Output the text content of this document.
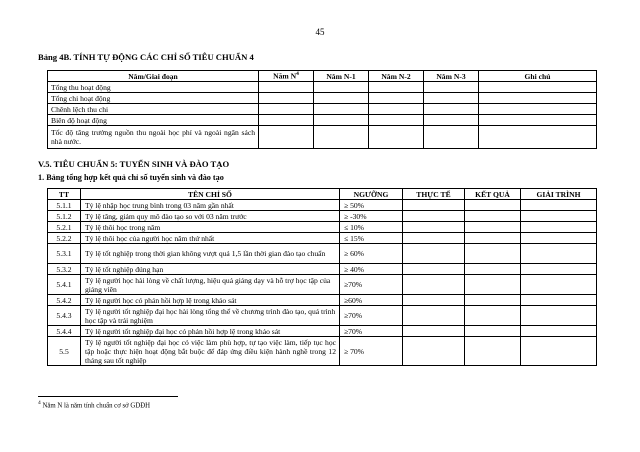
45
Bảng 4B. TÍNH TỰ ĐỘNG CÁC CHỈ SỐ TIÊU CHUẨN 4
Năm/Giai đoạn	Năm $N^4$	Năm N-1	Năm N-2	Năm N-3	Ghi chú
Tổng thu hoạt động					
Tổng chi hoạt động					
Chênh lệch thu chi					
Biên độ hoạt động					
Tốc độ tăng trưởng nguồn thu ngoài học phí và ngoài ngân sách nhà nước.					
V.5. TIÊU CHUẨN 5: TUYỂN SINH VÀ ĐÀO TẠO
1. Bảng tổng hợp kết quả chỉ số tuyển sinh và đào tạo
TT	TÊN CHỈ SỐ	NGƯỠNG	THỰC TẾ	KẾT QUẢ	GIẢI TRÌNH
5.1.1	Tỷ lệ nhập học trung bình trong 03 năm gần nhất	≥ 50%			
5.1.2	Tỷ lệ tăng, giảm quy mô đào tạo so với 03 năm trước	≥ -30%			
5.2.1	Tỷ lệ thôi học trong năm	≤ 10%			
5.2.2	Tỷ lệ thôi học của người học năm thứ nhất	≤ 15%			
5.3.1	Tỷ lệ tốt nghiệp trong thời gian không vượt quá 1,5 lần thời gian đào tạo chuẩn	≥ 60%			
5.3.2	Tỷ lệ tốt nghiệp đúng hạn	≥ 40%			
5.4.1	Tỷ lệ người học hài lòng về chất lượng, hiệu quả giảng dạy và hỗ trợ học tập của giảng viên	≥70%			
5.4.2	Tỷ lệ người học có phản hồi hợp lệ trong khảo sát	≥60%			
5.4.3	Tỷ lệ người tốt nghiệp đại học hài lòng tổng thể về chương trình đào tạo, quá trình học tập và trải nghiệm	≥70%			
5.4.4	Tỷ lệ người tốt nghiệp đại học có phản hồi hợp lệ trong khảo sát	≥70%			
5.5	Tỷ lệ người tốt nghiệp đại học có việc làm phù hợp, tự tạo việc làm, tiếp tục học tập hoặc thực hiện hoạt động bắt buộc để đáp ứng điều kiện hành nghề trong 12 tháng sau tốt nghiệp	≥ 70%			
$^4$ Năm N là năm tính chuẩn cơ sở GDĐH
